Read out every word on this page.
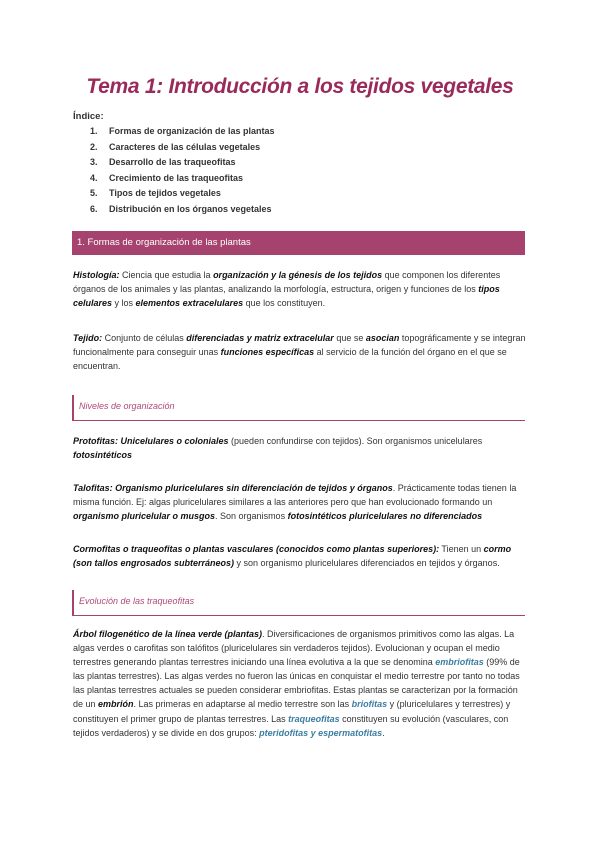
Tema 1: Introducción a los tejidos vegetales
Índice:
1. Formas de organización de las plantas
2. Caracteres de las células vegetales
3. Desarrollo de las traqueofitas
4. Crecimiento de las traqueofitas
5. Tipos de tejidos vegetales
6. Distribución en los órganos vegetales
1. Formas de organización de las plantas

Histología: Ciencia que estudia la organización y la génesis de los tejidos que componen los diferentes órganos de los animales y las plantas, analizando la morfología, estructura, origen y funciones de los tipos celulares y los elementos extracelulares que los constituyen.

Tejido: Conjunto de células diferenciadas y matriz extracelular que se asocian topográficamente y se integran funcionalmente para conseguir unas funciones específicas al servicio de la función del órgano en el que se encuentran.

Niveles de organización

Protofitas: Unicelulares o coloniales (pueden confundirse con tejidos). Son organismos unicelulares fotosintéticos

Talofitas: Organismo pluricelulares sin diferenciación de tejidos y órganos. Prácticamente todas tienen la misma función. Ej: algas pluricelulares similares a las anteriores pero que han evolucionado formando un organismo pluricelular o musgos. Son organismos fotosintéticos pluricelulares no diferenciados

Cormofitas o traqueofitas o plantas vasculares (conocidos como plantas superiores): Tienen un cormo (son tallos engrosados subterráneos) y son organismo pluricelulares diferenciados en tejidos y órganos.

Evolución de las traqueofitas

Árbol filogenético de la línea verde (plantas). Diversificaciones de organismos primitivos como las algas. La algas verdes o carofitas son talófitos (pluricelulares sin verdaderos tejidos). Evolucionan y ocupan el medio terrestres generando plantas terrestres iniciando una línea evolutiva a la que se denomina embriofitas (99% de las plantas terrestres). Las algas verdes no fueron las únicas en conquistar el medio terrestre por tanto no todas las plantas terrestres actuales se pueden considerar embriofitas. Estas plantas se caracterizan por la formación de un embrión. Las primeras en adaptarse al medio terrestre son las briofitas y (pluricelulares y terrestres) y constituyen el primer grupo de plantas terrestres. Las traqueofitas constituyen su evolución (vasculares, con tejidos verdaderos) y se divide en dos grupos: pteridofitas y espermatofitas.
